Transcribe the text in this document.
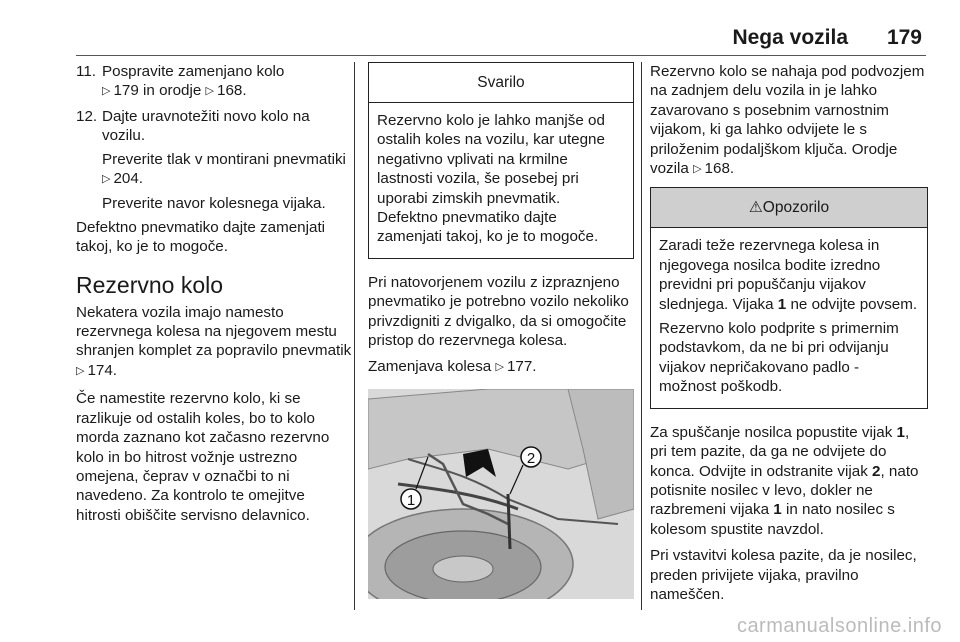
Nega vozila 179
11. Pospravite zamenjano kolo
▷ 179 in orodje ▷ 168.

12. Dajte uravnotežiti novo kolo na vozilu.

Preverite tlak v montirani pnevmatiki ▷ 204.

Preverite navor kolesnega vijaka.

Defektno pnevmatiko dajte zamenjati takoj, ko je to mogoče.

Rezervno kolo

Nekatera vozila imajo namesto rezervnega kolesa na njegovem mestu shranjen komplet za popravilo pnevmatik ▷ 174.

Če namestite rezervno kolo, ki se razlikuje od ostalih koles, bo to kolo morda zaznano kot začasno rezervno kolo in bo hitrost vožnje ustrezno omejena, čeprav v označbi to ni navedeno. Za kontrolo te omejitve hitrosti obiščite servisno delavnico.

Svarilo

Rezervno kolo je lahko manjše od ostalih koles na vozilu, kar utegne negativno vplivati na krmilne lastnosti vozila, še posebej pri uporabi zimskih pnevmatik. Defektno pnevmatiko dajte zamenjati takoj, ko je to mogoče.

Pri natovorjenem vozilu z izpraznjeno pnevmatiko je potrebno vozilo nekoliko privzdigniti z dvigalko, da si omogočite pristop do rezervnega kolesa.

Zamenjava kolesa ▷ 177.

2
1

Rezervno kolo se nahaja pod podvozjem na zadnjem delu vozila in je lahko zavarovano s posebnim varnostnim vijakom, ki ga lahko odvijete le s priloženim podaljškom ključa. Orodje vozila ▷ 168.

⚠Opozorilo

Zaradi teže rezervnega kolesa in njegovega nosilca bodite izredno previdni pri popuščanju vijakov slednjega. Vijaka 1 ne odvijte povsem.

Rezervno kolo podprite s primernim podstavkom, da ne bi pri odvijanju vijakov nepričakovano padlo - možnost poškodb.

Za spuščanje nosilca popustite vijak 1, pri tem pazite, da ga ne odvijete do konca. Odvijte in odstranite vijak 2, nato potisnite nosilec v levo, dokler ne razbremeni vijaka 1 in nato nosilec s kolesom spustite navzdol.

Pri vstavitvi kolesa pazite, da je nosilec, preden privijete vijaka, pravilno nameščen.

carmanualsonline.info
